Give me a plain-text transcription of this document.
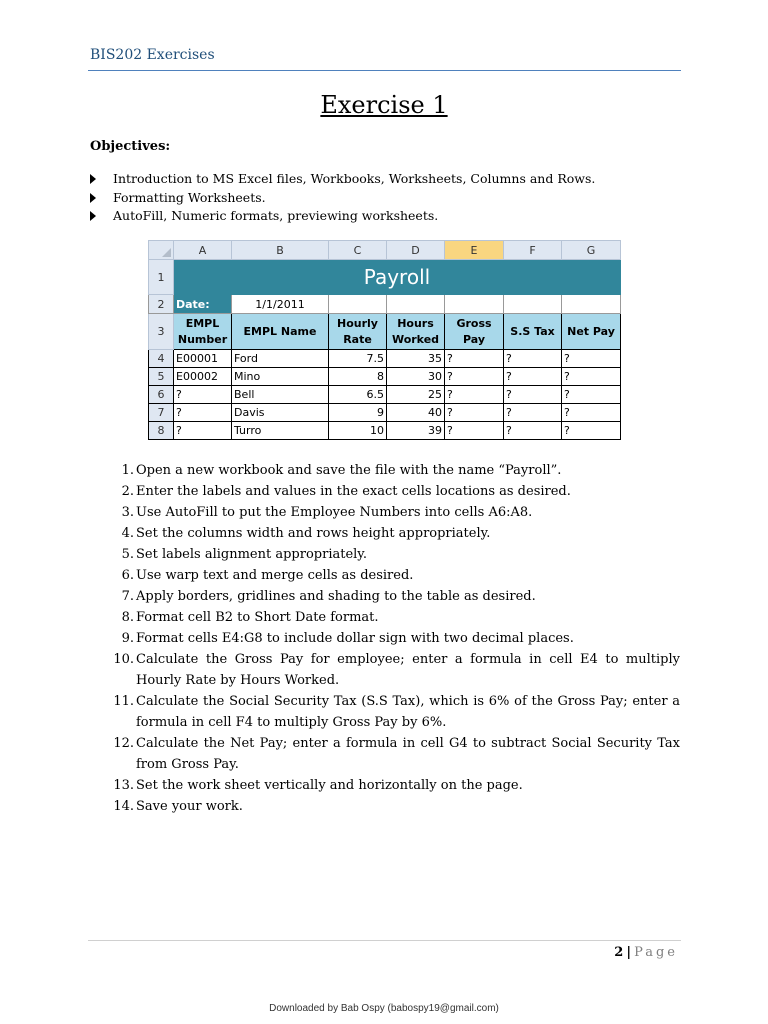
BIS202 Exercises
Exercise 1
Objectives:
Introduction to MS Excel files, Workbooks, Worksheets, Columns and Rows.
Formatting Worksheets.
AutoFill, Numeric formats, previewing worksheets.
	A	B	C	D	E	F	G
1	Payroll						
2	Date:	1/1/2011					
3	EMPL Number	EMPL Name	Hourly Rate	Hours Worked	Gross Pay	S.S Tax	Net Pay
4	E00001	Ford	7.5	35	?	?	?
5	E00002	Mino	8	30	?	?	?
6	?	Bell	6.5	25	?	?	?
7	?	Davis	9	40	?	?	?
8	?	Turro	10	39	?	?	?
1. Open a new workbook and save the file with the name “Payroll”.
2. Enter the labels and values in the exact cells locations as desired.
3. Use AutoFill to put the Employee Numbers into cells A6:A8.
4. Set the columns width and rows height appropriately.
5. Set labels alignment appropriately.
6. Use warp text and merge cells as desired.
7. Apply borders, gridlines and shading to the table as desired.
8. Format cell B2 to Short Date format.
9. Format cells E4:G8 to include dollar sign with two decimal places.
10. Calculate the Gross Pay for employee; enter a formula in cell E4 to multiply Hourly Rate by Hours Worked.
11. Calculate the Social Security Tax (S.S Tax), which is 6% of the Gross Pay; enter a formula in cell F4 to multiply Gross Pay by 6%.
12. Calculate the Net Pay; enter a formula in cell G4 to subtract Social Security Tax from Gross Pay.
13. Set the work sheet vertically and horizontally on the page.
14. Save your work.
2 | Page
Downloaded by Bab Ospy (babospy19@gmail.com)
